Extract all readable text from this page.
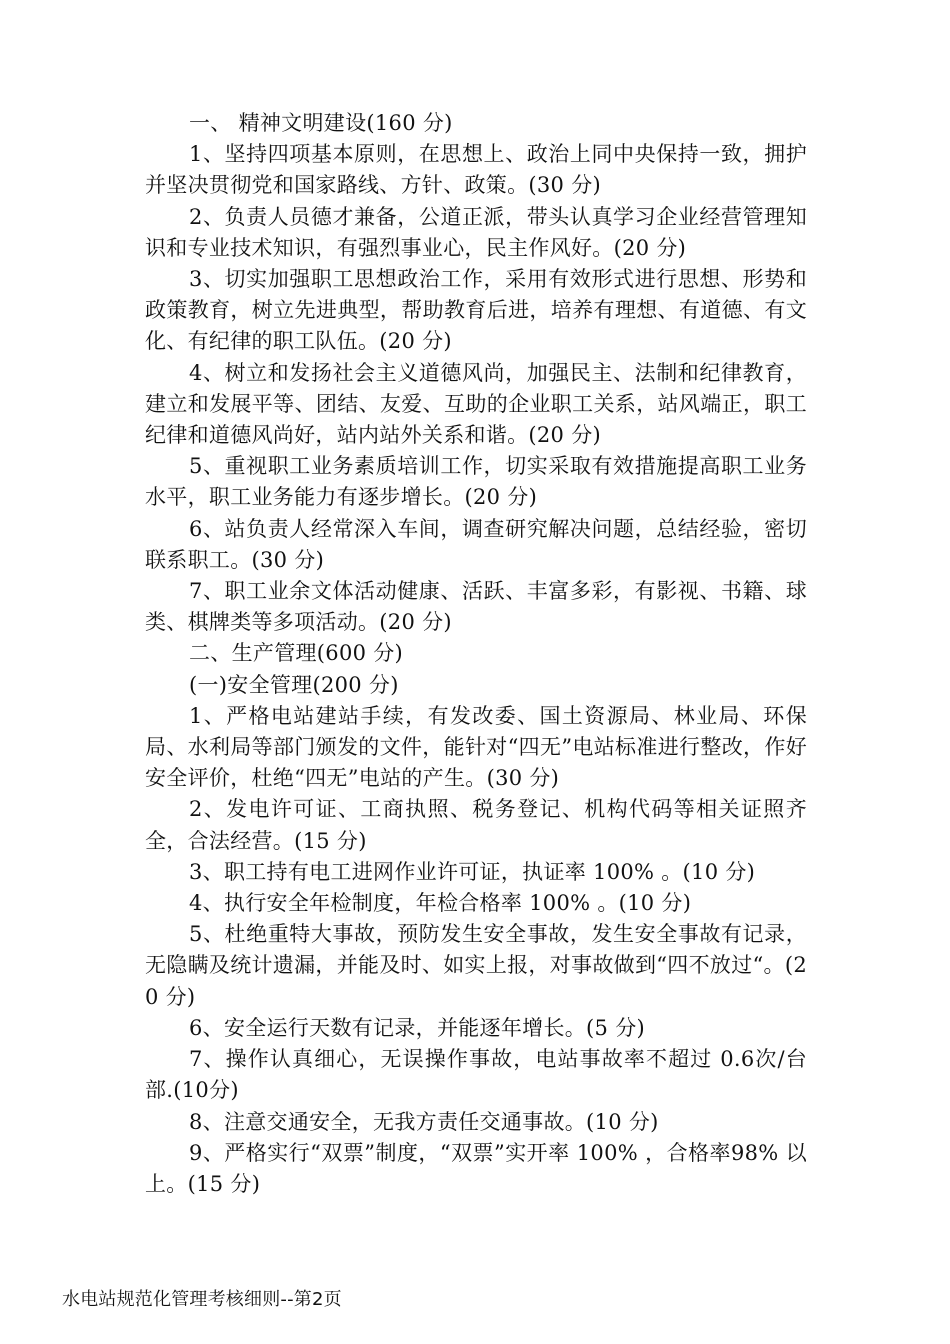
一、 精神文明建设(160 分)

1、坚持四项基本原则，在思想上、政治上同中央保持一致，拥护并坚决贯彻党和国家路线、方针、政策。(30 分)

2、负责人员德才兼备，公道正派，带头认真学习企业经营管理知识和专业技术知识，有强烈事业心，民主作风好。(20 分)

3、切实加强职工思想政治工作，采用有效形式进行思想、形势和政策教育，树立先进典型，帮助教育后进，培养有理想、有道德、有文化、有纪律的职工队伍。(20 分)

4、树立和发扬社会主义道德风尚，加强民主、法制和纪律教育，建立和发展平等、团结、友爱、互助的企业职工关系，站风端正，职工纪律和道德风尚好，站内站外关系和谐。(20 分)

5、重视职工业务素质培训工作，切实采取有效措施提高职工业务水平，职工业务能力有逐步增长。(20 分)

6、站负责人经常深入车间，调查研究解决问题，总结经验，密切联系职工。(30 分)

7、职工业余文体活动健康、活跃、丰富多彩，有影视、书籍、球类、棋牌类等多项活动。(20 分)

二、生产管理(600 分)

(一)安全管理(200 分)

1、严格电站建站手续，有发改委、国土资源局、林业局、环保局、水利局等部门颁发的文件，能针对“四无”电站标准进行整改，作好安全评价，杜绝“四无”电站的产生。(30 分)

2、发电许可证、工商执照、税务登记、机构代码等相关证照齐全，合法经营。(15 分)

3、职工持有电工进网作业许可证，执证率 100% 。(10 分)

4、执行安全年检制度，年检合格率 100% 。(10 分)

5、杜绝重特大事故，预防发生安全事故，发生安全事故有记录，无隐瞒及统计遗漏，并能及时、如实上报，对事故做到“四不放过“。(20 分)

6、安全运行天数有记录，并能逐年增长。(5 分)

7、操作认真细心，无误操作事故，电站事故率不超过 0.6次/台部.(10分)

8、注意交通安全，无我方责任交通事故。(10 分)

9、严格实行“双票”制度，“双票”实开率 100% ，合格率98% 以上。(15 分)

水电站规范化管理考核细则--第2页
